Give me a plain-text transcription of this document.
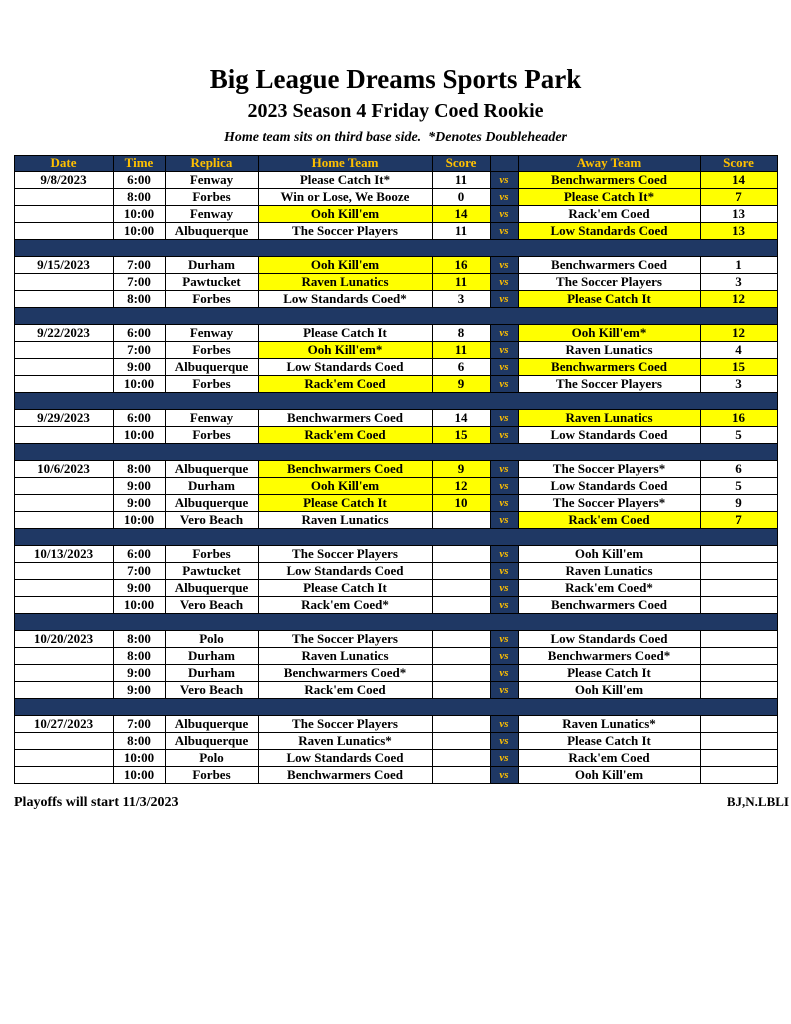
Big League Dreams Sports Park
2023 Season 4 Friday Coed Rookie
Home team sits on third base side.  *Denotes Doubleheader
Date	Time	Replica	Home Team	Score		Away Team	Score
9/8/2023	6:00	Fenway	Please Catch It*	11	vs	Benchwarmers Coed	14
	8:00	Forbes	Win or Lose, We Booze	0	vs	Please Catch It*	7
	10:00	Fenway	Ooh Kill'em	14	vs	Rack'em Coed	13
	10:00	Albuquerque	The Soccer Players	11	vs	Low Standards Coed	13

9/15/2023	7:00	Durham	Ooh Kill'em	16	vs	Benchwarmers Coed	1
	7:00	Pawtucket	Raven Lunatics	11	vs	The Soccer Players	3
	8:00	Forbes	Low Standards Coed*	3	vs	Please Catch It	12

9/22/2023	6:00	Fenway	Please Catch It	8	vs	Ooh Kill'em*	12
	7:00	Forbes	Ooh Kill'em*	11	vs	Raven Lunatics	4
	9:00	Albuquerque	Low Standards Coed	6	vs	Benchwarmers Coed	15
	10:00	Forbes	Rack'em Coed	9	vs	The Soccer Players	3

9/29/2023	6:00	Fenway	Benchwarmers Coed	14	vs	Raven Lunatics	16
	10:00	Forbes	Rack'em Coed	15	vs	Low Standards Coed	5

10/6/2023	8:00	Albuquerque	Benchwarmers Coed	9	vs	The Soccer Players*	6
	9:00	Durham	Ooh Kill'em	12	vs	Low Standards Coed	5
	9:00	Albuquerque	Please Catch It	10	vs	The Soccer Players*	9
	10:00	Vero Beach	Raven Lunatics		vs	Rack'em Coed	7

10/13/2023	6:00	Forbes	The Soccer Players		vs	Ooh Kill'em	
	7:00	Pawtucket	Low Standards Coed		vs	Raven Lunatics	
	9:00	Albuquerque	Please Catch It		vs	Rack'em Coed*	
	10:00	Vero Beach	Rack'em Coed*		vs	Benchwarmers Coed	

10/20/2023	8:00	Polo	The Soccer Players		vs	Low Standards Coed	
	8:00	Durham	Raven Lunatics		vs	Benchwarmers Coed*	
	9:00	Durham	Benchwarmers Coed*		vs	Please Catch It	
	9:00	Vero Beach	Rack'em Coed		vs	Ooh Kill'em	

10/27/2023	7:00	Albuquerque	The Soccer Players		vs	Raven Lunatics*	
	8:00	Albuquerque	Raven Lunatics*		vs	Please Catch It	
	10:00	Polo	Low Standards Coed		vs	Rack'em Coed	
	10:00	Forbes	Benchwarmers Coed		vs	Ooh Kill'em	
Playoffs will start 11/3/2023	BJ,N.LBLI
